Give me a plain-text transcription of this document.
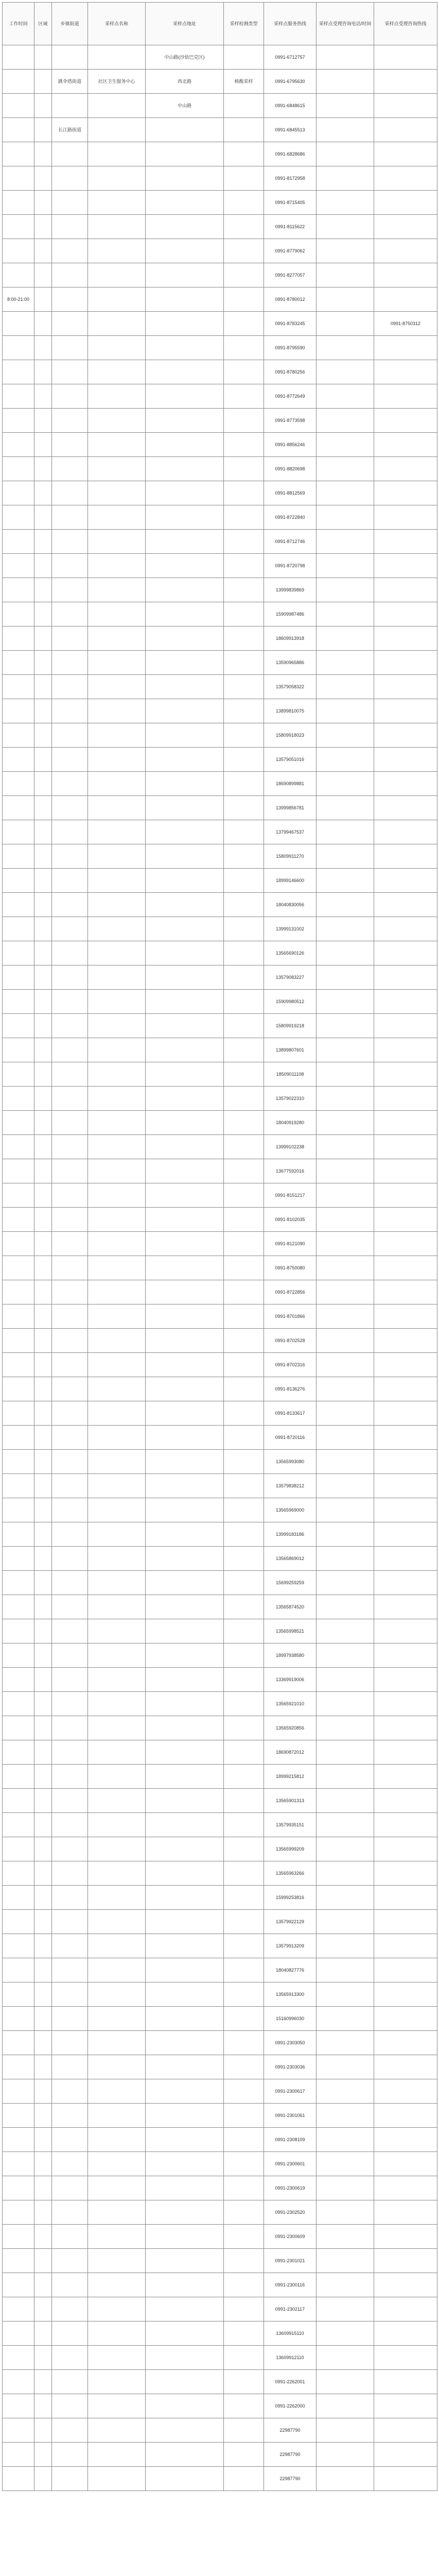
工作时间	区域	乡镇街道	采样点名称	采样点地址	采样检测类型	采样点服务热线	采样点受理咨询电话/时间	采样点受理咨询热线
				中山路(沙依巴克区)		0991-6712757		
		跳伞塔街道	社区卫生服务中心	西北路	核酸采样	0991-6795630		
				中山路		0991-6848615		
		长江路街道				0991-6845513		
						0991-6828686		
						0991-8172958		
						0991-8715405		
						0991-8115622		
						0991-8779062		
						0991-8277057		
8:00-21:00						0991-8780012		
						0991-8783245		0991-8750312
						0991-8795590		
						0991-8780256		
						0991-8772649		
						0991-8773598		
						0991-8856246		
						0991-8820698		
						0991-8812569		
						0991-8722840		
						0991-8712746		
						0991-8720798		
						13999839869		
						15909987486		
						18609913918		
						13590965886		
						13579058322		
						13899810075		
						15809918023		
						13579051016		
						18690899881		
						13999856781		
						13799467537		
						15809911270		
						18999146600		
						18040830056		
						13999131002		
						13565690126		
						13579083227		
						15909980512		
						15809919218		
						13899807601		
						18509011108		
						13579022310		
						18040919280		
						13999102238		
						13677592016		
						0991-8151217		
						0991-8102035		
						0991-8121090		
						0991-8750080		
						0991-8722856		
						0991-8701866		
						0991-8702528		
						0991-8702316		
						0991-8136276		
						0991-8133617		
						0991-8720116		
						13565993080		
						13579838212		
						13565969000		
						13999183186		
						13565869012		
						15699259259		
						13565874520		
						13565998521		
						18997938580		
						13369919006		
						13565921010		
						13565920856		
						18690872012		
						18999215812		
						13565901313		
						13579935151		
						13565999209		
						13565963266		
						15999253816		
						13579922129		
						13579913209		
						18040827776		
						13565913300		
						15160996030		
						0991-2303050		
						0991-2303036		
						0991-2300617		
						0991-2301061		
						0991-2308109		
						0991-2300601		
						0991-2300619		
						0991-2302520		
						0991-2300609		
						0991-2301021		
						0991-2300116		
						0991-2302117		
						13609915110		
						13609912110		
						0991-2262001		
						0991-2262000		
						22987790		
						22987790		
						22987790		
